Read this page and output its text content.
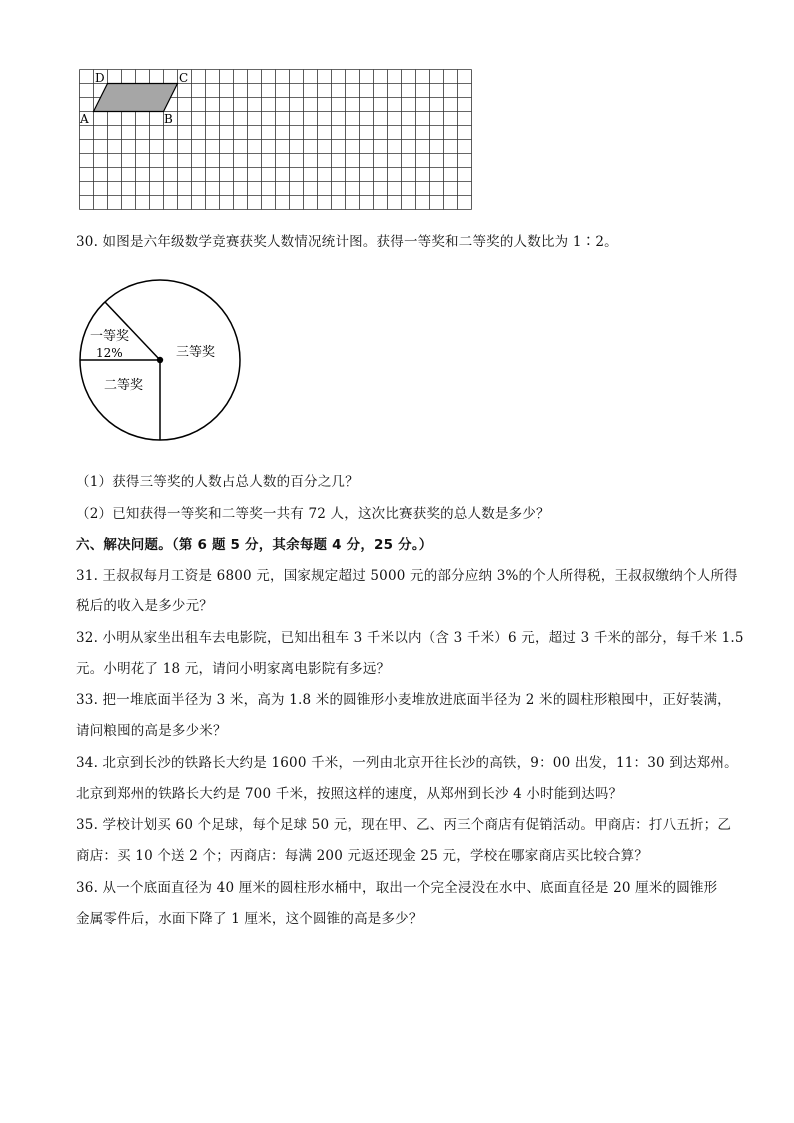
D	C
A	B
30. 如图是六年级数学竞赛获奖人数情况统计图。获得一等奖和二等奖的人数比为 1∶2。
一等奖
12%
二等奖
三等奖
（1）获得三等奖的人数占总人数的百分之几？
（2）已知获得一等奖和二等奖一共有 72 人，这次比赛获奖的总人数是多少？
六、解决问题。（第 6 题 5 分，其余每题 4 分，25 分。）
31. 王叔叔每月工资是 6800 元，国家规定超过 5000 元的部分应纳 3%的个人所得税，王叔叔缴纳个人所得
税后的收入是多少元？
32. 小明从家坐出租车去电影院，已知出租车 3 千米以内（含 3 千米）6 元，超过 3 千米的部分，每千米 1.5
元。小明花了 18 元，请问小明家离电影院有多远？
33. 把一堆底面半径为 3 米，高为 1.8 米的圆锥形小麦堆放进底面半径为 2 米的圆柱形粮囤中，正好装满，
请问粮囤的高是多少米？
34. 北京到长沙的铁路长大约是 1600 千米，一列由北京开往长沙的高铁，9：00 出发，11：30 到达郑州。
北京到郑州的铁路长大约是 700 千米，按照这样的速度，从郑州到长沙 4 小时能到达吗？
35. 学校计划买 60 个足球，每个足球 50 元，现在甲、乙、丙三个商店有促销活动。甲商店：打八五折；乙
商店：买 10 个送 2 个；丙商店：每满 200 元返还现金 25 元，学校在哪家商店买比较合算？
36. 从一个底面直径为 40 厘米的圆柱形水桶中，取出一个完全浸没在水中、底面直径是 20 厘米的圆锥形
金属零件后，水面下降了 1 厘米，这个圆锥的高是多少？
